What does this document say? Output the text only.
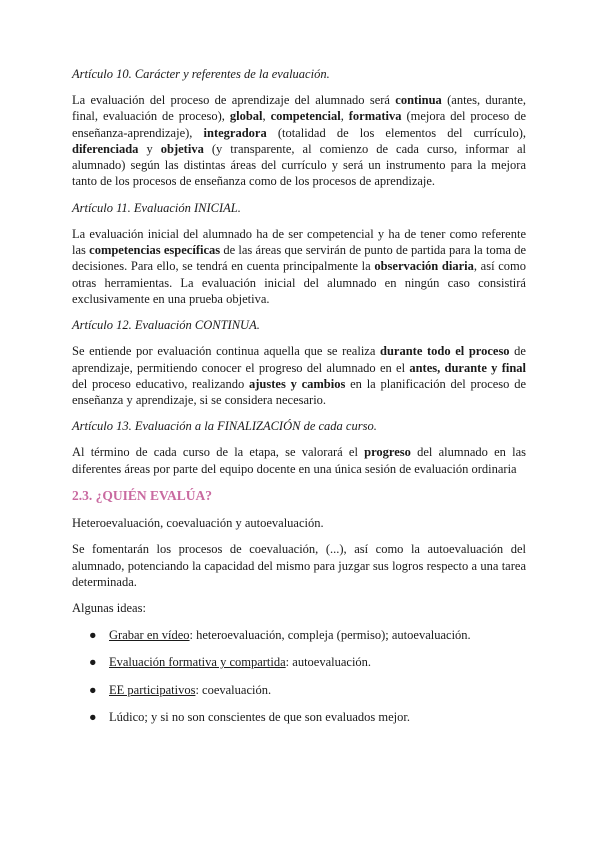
Artículo 10. Carácter y referentes de la evaluación.

La evaluación del proceso de aprendizaje del alumnado será continua (antes, durante, final, evaluación de proceso), global, competencial, formativa (mejora del proceso de enseñanza-aprendizaje), integradora (totalidad de los elementos del currículo), diferenciada y objetiva (y transparente, al comienzo de cada curso, informar al alumnado) según las distintas áreas del currículo y será un instrumento para la mejora tanto de los procesos de enseñanza como de los procesos de aprendizaje.

Artículo 11. Evaluación INICIAL.

La evaluación inicial del alumnado ha de ser competencial y ha de tener como referente las competencias específicas de las áreas que servirán de punto de partida para la toma de decisiones. Para ello, se tendrá en cuenta principalmente la observación diaria, así como otras herramientas. La evaluación inicial del alumnado en ningún caso consistirá exclusivamente en una prueba objetiva.

Artículo 12. Evaluación CONTINUA.

Se entiende por evaluación continua aquella que se realiza durante todo el proceso de aprendizaje, permitiendo conocer el progreso del alumnado en el antes, durante y final del proceso educativo, realizando ajustes y cambios en la planificación del proceso de enseñanza y aprendizaje, si se considera necesario.

Artículo 13. Evaluación a la FINALIZACIÓN de cada curso.

Al término de cada curso de la etapa, se valorará el progreso del alumnado en las diferentes áreas por parte del equipo docente en una única sesión de evaluación ordinaria

2.3. ¿QUIÉN EVALÚA?

Heteroevaluación, coevaluación y autoevaluación.

Se fomentarán los procesos de coevaluación, (...), así como la autoevaluación del alumnado, potenciando la capacidad del mismo para juzgar sus logros respecto a una tarea determinada.

Algunas ideas:

● Grabar en vídeo: heteroevaluación, compleja (permiso); autoevaluación.
● Evaluación formativa y compartida: autoevaluación.
● EE participativos: coevaluación.
● Lúdico; y si no son conscientes de que son evaluados mejor.
